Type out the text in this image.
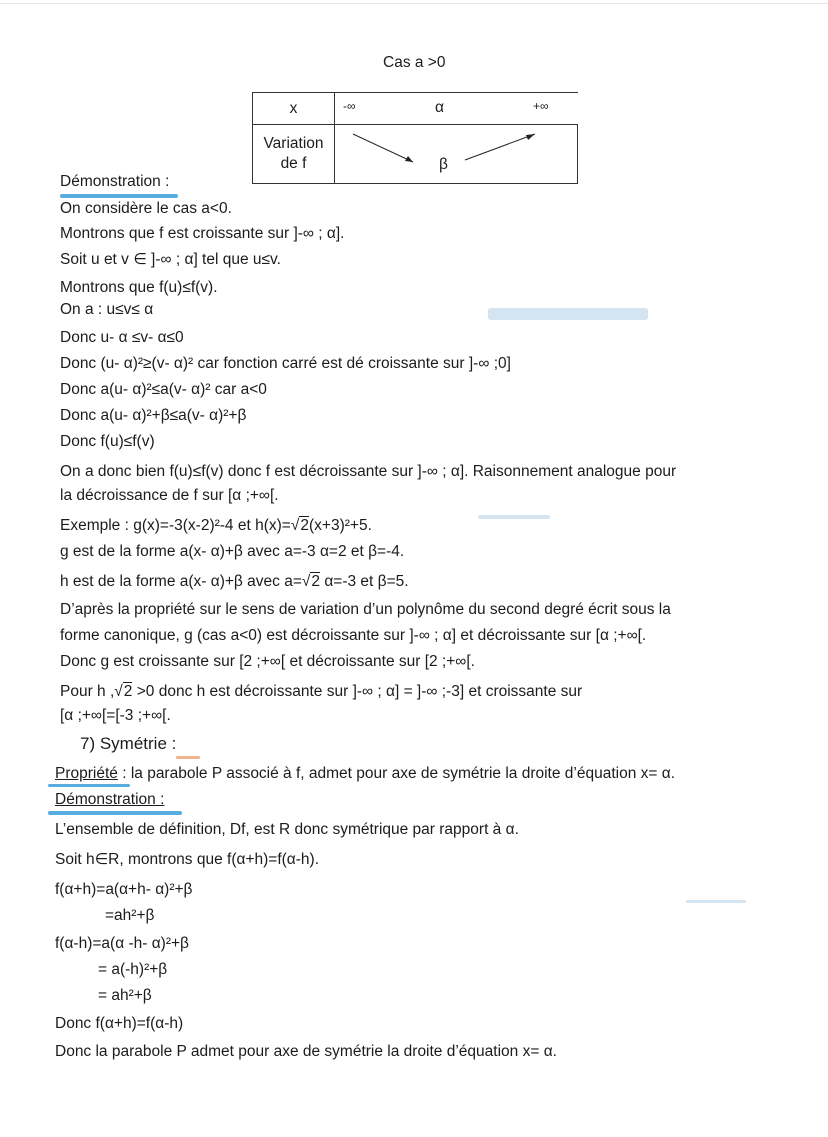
Cas a >0
x	-∞ α +∞

Variation
de f	β
Démonstration :
On considère le cas a<0.
Montrons que f est croissante sur ]-∞ ; α].
Soit u et v ∈ ]-∞ ; α] tel que u≤v.
Montrons que f(u)≤f(v).
On a : u≤v≤ α
Donc u- α ≤v- α≤0
Donc (u- α)²≥(v- α)² car fonction carré est dé croissante sur ]-∞ ;0]
Donc a(u- α)²≤a(v- α)² car a<0
Donc a(u- α)²+β≤a(v- α)²+β
Donc f(u)≤f(v)
On a donc bien f(u)≤f(v) donc f est décroissante sur ]-∞ ; α]. Raisonnement analogue pour
la décroissance de f sur [α ;+∞[.
Exemple : g(x)=-3(x-2)²-4 et h(x)=√2(x+3)²+5.
g est de la forme a(x- α)+β avec a=-3 α=2 et β=-4.
h est de la forme a(x- α)+β avec a=√2 α=-3 et β=5.
D’après la propriété sur le sens de variation d’un polynôme du second degré écrit sous la
forme canonique, g (cas a<0) est décroissante sur ]-∞ ; α] et décroissante sur [α ;+∞[.
Donc g est croissante sur [2 ;+∞[ et décroissante sur [2 ;+∞[.
Pour h ,√2 >0 donc h est décroissante sur ]-∞ ; α] = ]-∞ ;-3] et croissante sur
[α ;+∞[=[-3 ;+∞[.
7) Symétrie :
Propriété : la parabole P associé à f, admet pour axe de symétrie la droite d’équation x= α.
Démonstration :
L’ensemble de définition, Df, est R donc symétrique par rapport à α.
Soit h∈R, montrons que f(α+h)=f(α-h).
f(α+h)=a(α+h- α)²+β
=ah²+β
f(α-h)=a(α -h- α)²+β
= a(-h)²+β
= ah²+β
Donc f(α+h)=f(α-h)
Donc la parabole P admet pour axe de symétrie la droite d’équation x= α.
